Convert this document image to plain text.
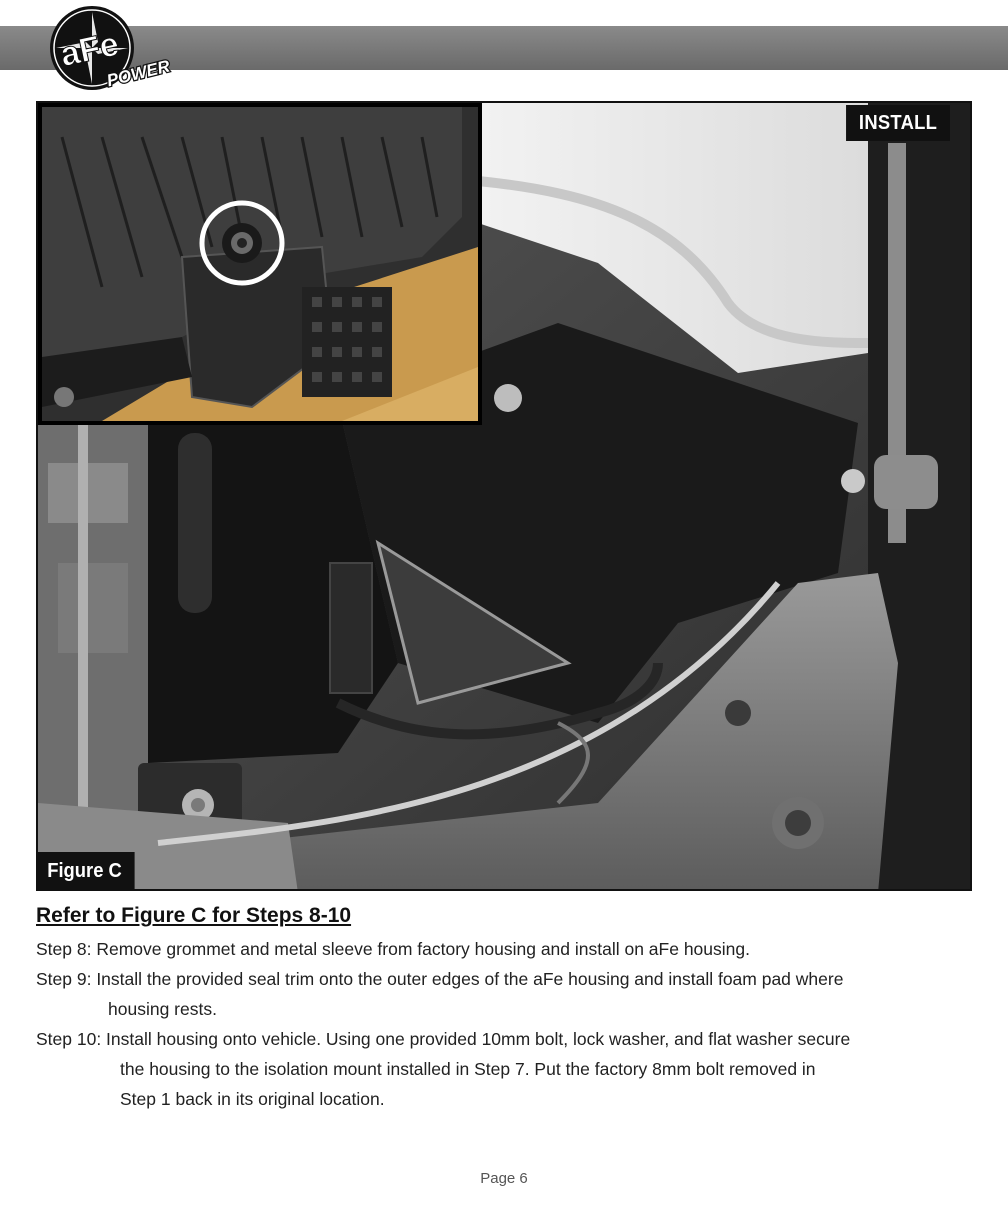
aFe
POWER
INSTALL
Figure C
Refer to Figure C for Steps 8-10
Step 8: Remove grommet and metal sleeve from factory housing and install on aFe housing.
Step 9: Install the provided seal trim onto the outer edges of the aFe housing and install foam pad where
housing rests.
Step 10: Install housing onto vehicle. Using one provided 10mm bolt, lock washer, and flat washer secure
the housing to the isolation mount installed in Step 7. Put the factory 8mm bolt removed in
Step 1 back in its original location.
Page 6
